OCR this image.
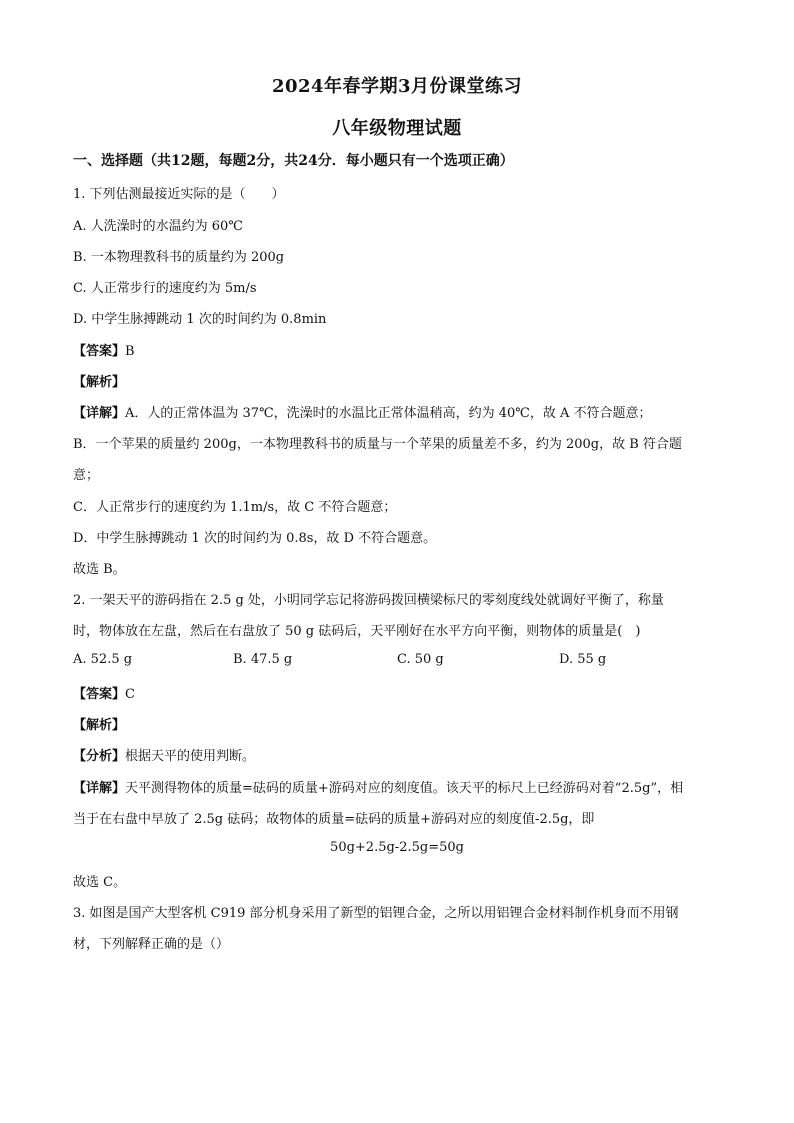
2024年春学期3月份课堂练习
八年级物理试题
一、选择题（共12题，每题2分，共24分．每小题只有一个选项正确）
1. 下列估测最接近实际的是（　　）
A. 人洗澡时的水温约为 60℃
B. 一本物理教科书的质量约为 200g
C. 人正常步行的速度约为 5m/s
D. 中学生脉搏跳动 1 次的时间约为 0.8min
【答案】B
【解析】
【详解】A．人的正常体温为 37℃，洗澡时的水温比正常体温稍高，约为 40℃，故 A 不符合题意；
B．一个苹果的质量约 200g，一本物理教科书的质量与一个苹果的质量差不多，约为 200g，故 B 符合题
意；
C．人正常步行的速度约为 1.1m/s，故 C 不符合题意；
D．中学生脉搏跳动 1 次的时间约为 0.8s，故 D 不符合题意。
故选 B。
2. 一架天平的游码指在 2.5 g 处，小明同学忘记将游码拨回横梁标尺的零刻度线处就调好平衡了，称量
时，物体放在左盘，然后在右盘放了 50 g 砝码后，天平刚好在水平方向平衡，则物体的质量是(　)
A. 52.5 g	B. 47.5 g	C. 50 g	D. 55 g
【答案】C
【解析】
【分析】根据天平的使用判断。
【详解】天平测得物体的质量=砝码的质量+游码对应的刻度值。该天平的标尺上已经游码对着“2.5g”，相
当于在右盘中早放了 2.5g 砝码；故物体的质量=砝码的质量+游码对应的刻度值-2.5g，即
50g+2.5g-2.5g=50g
故选 C。
3. 如图是国产大型客机 C919 部分机身采用了新型的铝锂合金，之所以用铝锂合金材料制作机身而不用钢
材，下列解释正确的是（）
